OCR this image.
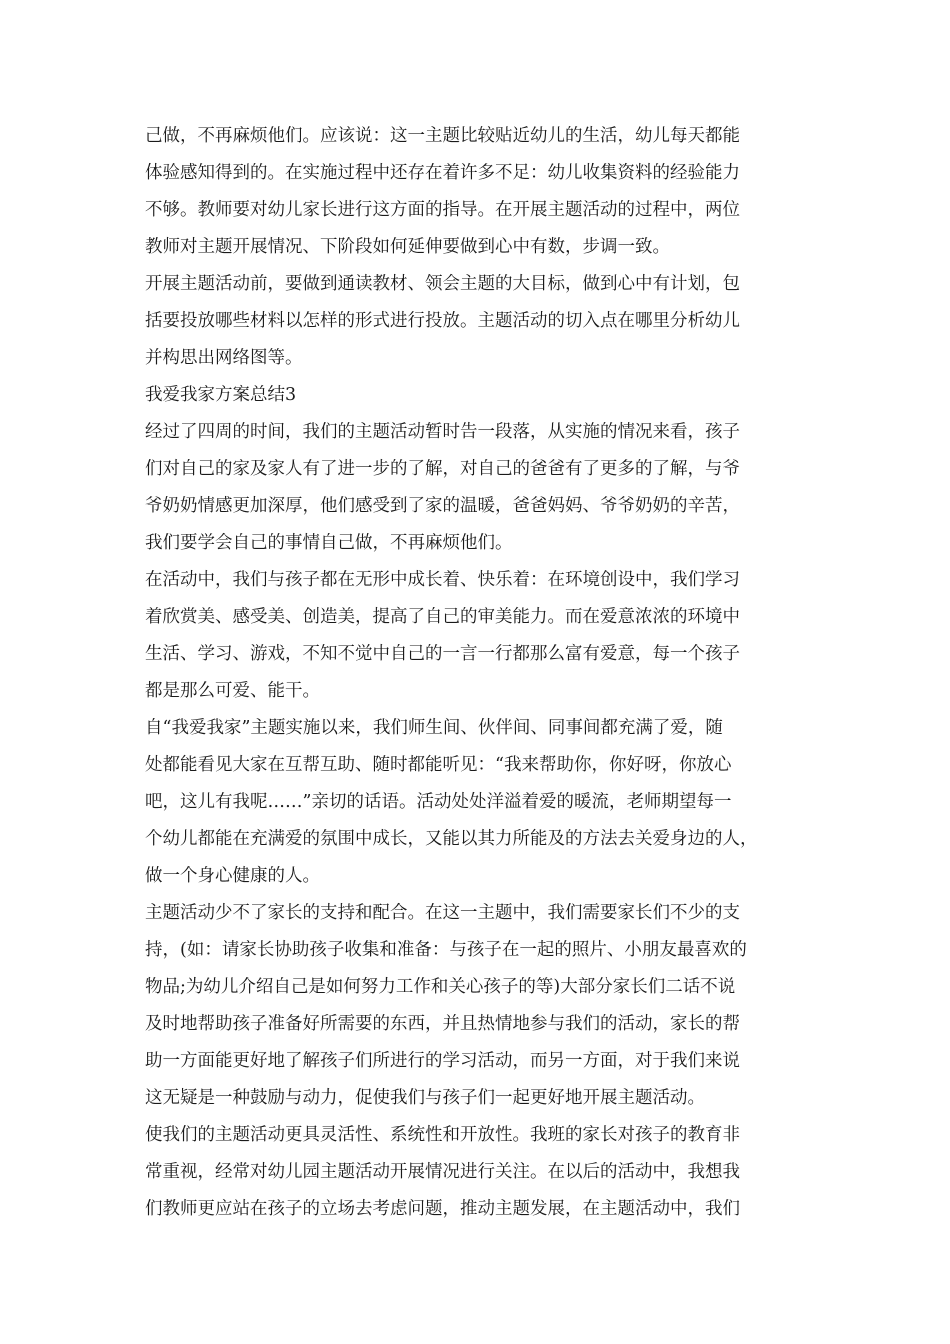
己做，不再麻烦他们。应该说：这一主题比较贴近幼儿的生活，幼儿每天都能
体验感知得到的。在实施过程中还存在着许多不足：幼儿收集资料的经验能力
不够。教师要对幼儿家长进行这方面的指导。在开展主题活动的过程中，两位
教师对主题开展情况、下阶段如何延伸要做到心中有数，步调一致。
开展主题活动前，要做到通读教材、领会主题的大目标，做到心中有计划，包
括要投放哪些材料以怎样的形式进行投放。主题活动的切入点在哪里分析幼儿
并构思出网络图等。
我爱我家方案总结3
经过了四周的时间，我们的主题活动暂时告一段落，从实施的情况来看，孩子
们对自己的家及家人有了进一步的了解，对自己的爸爸有了更多的了解，与爷
爷奶奶情感更加深厚，他们感受到了家的温暖，爸爸妈妈、爷爷奶奶的辛苦，
我们要学会自己的事情自己做，不再麻烦他们。
在活动中，我们与孩子都在无形中成长着、快乐着：在环境创设中，我们学习
着欣赏美、感受美、创造美，提高了自己的审美能力。而在爱意浓浓的环境中
生活、学习、游戏，不知不觉中自己的一言一行都那么富有爱意，每一个孩子
都是那么可爱、能干。
自“我爱我家”主题实施以来，我们师生间、伙伴间、同事间都充满了爱，随
处都能看见大家在互帮互助、随时都能听见：“我来帮助你，你好呀，你放心
吧，这儿有我呢……”亲切的话语。活动处处洋溢着爱的暖流，老师期望每一
个幼儿都能在充满爱的氛围中成长，又能以其力所能及的方法去关爱身边的人，
做一个身心健康的人。
主题活动少不了家长的支持和配合。在这一主题中，我们需要家长们不少的支
持，(如：请家长协助孩子收集和准备：与孩子在一起的照片、小朋友最喜欢的
物品;为幼儿介绍自己是如何努力工作和关心孩子的等)大部分家长们二话不说
及时地帮助孩子准备好所需要的东西，并且热情地参与我们的活动，家长的帮
助一方面能更好地了解孩子们所进行的学习活动，而另一方面，对于我们来说
这无疑是一种鼓励与动力，促使我们与孩子们一起更好地开展主题活动。
使我们的主题活动更具灵活性、系统性和开放性。我班的家长对孩子的教育非
常重视，经常对幼儿园主题活动开展情况进行关注。在以后的活动中，我想我
们教师更应站在孩子的立场去考虑问题，推动主题发展，在主题活动中，我们
